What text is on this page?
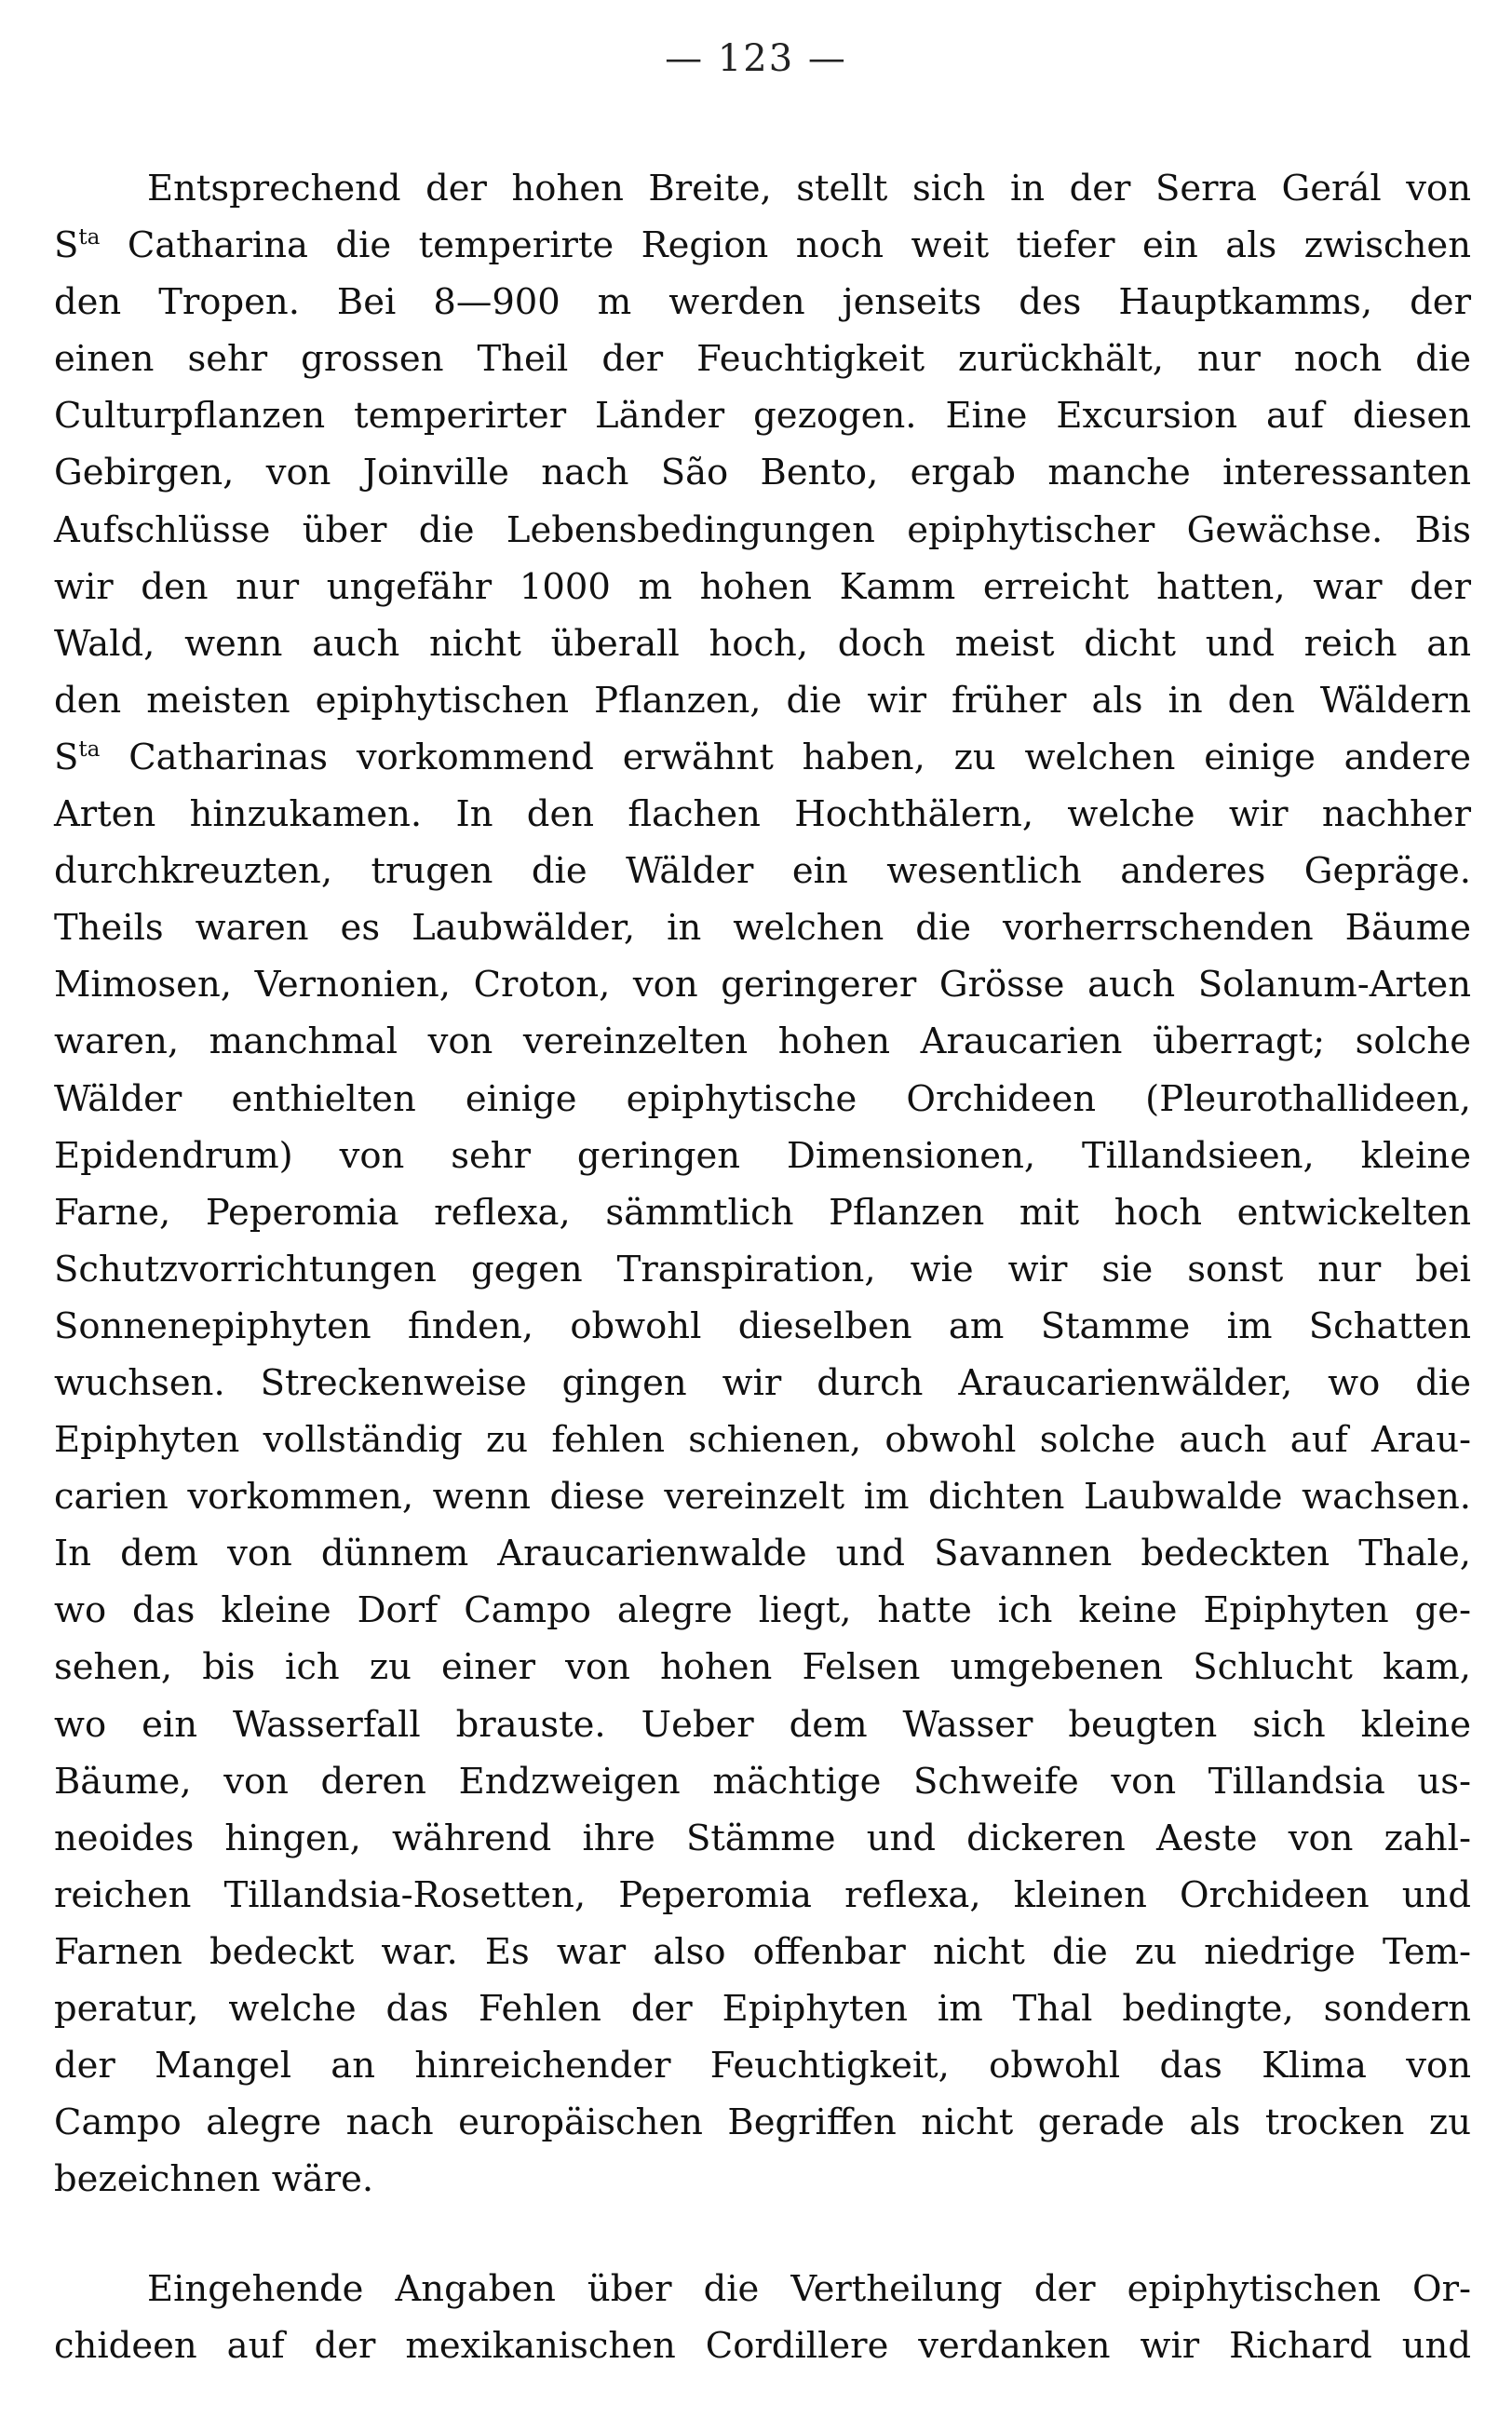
— 123 —
Entsprechend der hohen Breite, stellt sich in der Serra Gerál von
$S^{ta}$ Catharina die temperirte Region noch weit tiefer ein als zwischen
den Tropen. Bei 8—900 m werden jenseits des Hauptkamms, der
einen sehr grossen Theil der Feuchtigkeit zurückhält, nur noch die
Culturpflanzen temperirter Länder gezogen. Eine Excursion auf diesen
Gebirgen, von Joinville nach São Bento, ergab manche interessanten
Aufschlüsse über die Lebensbedingungen epiphytischer Gewächse. Bis
wir den nur ungefähr 1000 m hohen Kamm erreicht hatten, war der
Wald, wenn auch nicht überall hoch, doch meist dicht und reich an
den meisten epiphytischen Pflanzen, die wir früher als in den Wäldern
$S^{ta}$ Catharinas vorkommend erwähnt haben, zu welchen einige andere
Arten hinzukamen. In den flachen Hochthälern, welche wir nachher
durchkreuzten, trugen die Wälder ein wesentlich anderes Gepräge.
Theils waren es Laubwälder, in welchen die vorherrschenden Bäume
Mimosen, Vernonien, Croton, von geringerer Grösse auch Solanum-Arten
waren, manchmal von vereinzelten hohen Araucarien überragt; solche
Wälder enthielten einige epiphytische Orchideen (Pleurothallideen,
Epidendrum) von sehr geringen Dimensionen, Tillandsieen, kleine
Farne, Peperomia reflexa, sämmtlich Pflanzen mit hoch entwickelten
Schutzvorrichtungen gegen Transpiration, wie wir sie sonst nur bei
Sonnenepiphyten finden, obwohl dieselben am Stamme im Schatten
wuchsen. Streckenweise gingen wir durch Araucarienwälder, wo die
Epiphyten vollständig zu fehlen schienen, obwohl solche auch auf Arau-
carien vorkommen, wenn diese vereinzelt im dichten Laubwalde wachsen.
In dem von dünnem Araucarienwalde und Savannen bedeckten Thale,
wo das kleine Dorf Campo alegre liegt, hatte ich keine Epiphyten ge-
sehen, bis ich zu einer von hohen Felsen umgebenen Schlucht kam,
wo ein Wasserfall brauste. Ueber dem Wasser beugten sich kleine
Bäume, von deren Endzweigen mächtige Schweife von Tillandsia us-
neoides hingen, während ihre Stämme und dickeren Aeste von zahl-
reichen Tillandsia-Rosetten, Peperomia reflexa, kleinen Orchideen und
Farnen bedeckt war. Es war also offenbar nicht die zu niedrige Tem-
peratur, welche das Fehlen der Epiphyten im Thal bedingte, sondern
der Mangel an hinreichender Feuchtigkeit, obwohl das Klima von
Campo alegre nach europäischen Begriffen nicht gerade als trocken zu
bezeichnen wäre.
Eingehende Angaben über die Vertheilung der epiphytischen Or-
chideen auf der mexikanischen Cordillere verdanken wir Richard und
